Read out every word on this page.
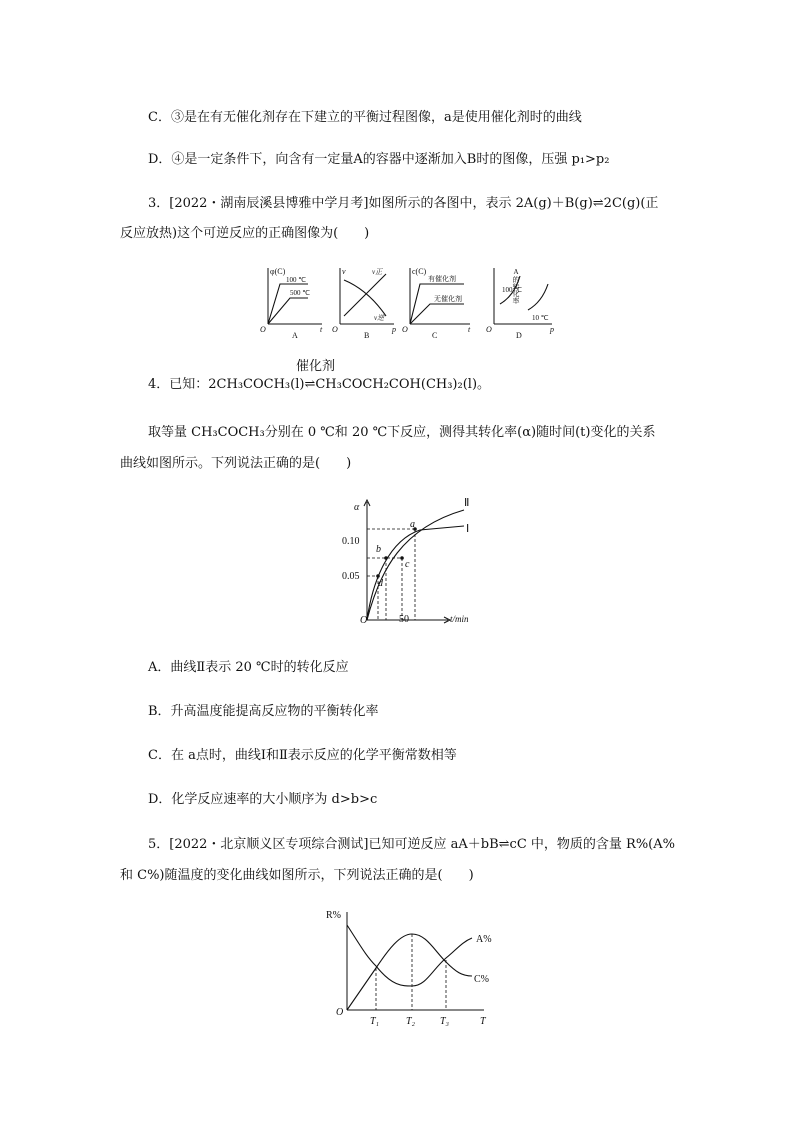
C．③是在有无催化剂存在下建立的平衡过程图像，a是使用催化剂时的曲线
D．④是一定条件下，向含有一定量A的容器中逐渐加入B时的图像，压强 p₁>p₂
3．[2022・湖南辰溪县博雅中学月考]如图所示的各图中，表示 2A(g)＋B(g)⇌2C(g)(正
反应放热)这个可逆反应的正确图像为(　　)
φ(C)
100 ℃
500 ℃
t
O
A
v	v正
v逆
p
O
B
c(C)
有催化剂
无催化剂
t
O
C
A的转化率
100 ℃
10 ℃
p
O
D
催化剂
4．已知：2CH₃COCH₃(l)⇌CH₃COCH₂COH(CH₃)₂(l)。
取等量 CH₃COCH₃分别在 0 ℃和 20 ℃下反应，测得其转化率(α)随时间(t)变化的关系
曲线如图所示。下列说法正确的是(　　)
α
t/min
O
0.10
0.05
50
Ⅱ
Ⅰ
a
b
c
d
A．曲线Ⅱ表示 20 ℃时的转化反应
B．升高温度能提高反应物的平衡转化率
C．在 a点时，曲线Ⅰ和Ⅱ表示反应的化学平衡常数相等
D．化学反应速率的大小顺序为 d>b>c
5．[2022・北京顺义区专项综合测试]已知可逆反应 aA＋bB⇌cC 中，物质的含量 R%(A%
和 C%)随温度的变化曲线如图所示，下列说法正确的是(　　)
R%
T
O
T₁	T₂ T₃
A%
C%
